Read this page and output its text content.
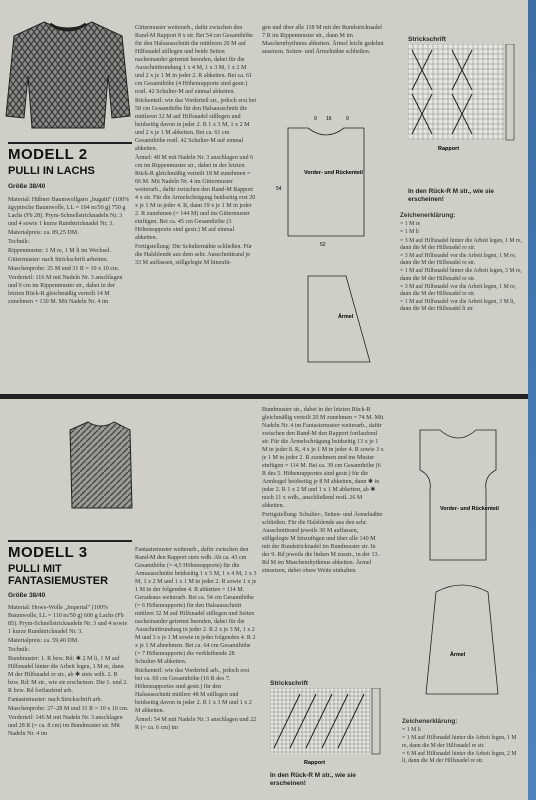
MODELL 2
PULLI IN LACHS
Größe 38/40

Material: Hübner Baumwollgarn „bugatti" (100% ägyptische Baumwolle, LL = 104 m/50 g) 750 g Lachs (Fb 28). Prym-Schnellstricknadeln Nr. 3 und 4 sowie 1 kurze Rundstricknadel Nr. 3.

Materialpreis: ca. 89,25 DM.

Technik:

Rippenmuster: 1 M re, 1 M li im Wechsel.

Gittermuster: nach Strickschrift arbeiten.

Maschenprobe: 25 M und 31 R = 10 x 10 cm.

Vorderteil: 116 M mit Nadeln Nr. 3 anschlagen und 9 cm im Rippenmuster str., dabei in der letzten Rück-R gleichmäßig verteilt 14 M zunehmen = 130 M. Mit Nadeln Nr. 4 im

Gittermuster weiterarb., dafür zwischen den Rand-M Rapport 8 x str. Bei 54 cm Gesamthöhe für den Halsausschnitt die mittleren 20 M auf Hilfsnadel stillegen und beide Seiten nacheinander getrennt beenden, dabei für die Ausschnittrundung 1 x 4 M, 1 x 3 M, 1 x 2 M und 2 x je 1 M in jeder 2. R abketten. Bei ca. 61 cm Gesamthöhe (4 Höhenrapporte sind gestr.) restl. 42 Schulter-M auf einmal abketten.

Rückenteil: wie das Vorderteil str., jedoch erst bei 58 cm Gesamthöhe für den Halsausschnitt die mittleren 32 M auf Hilfsnadel stillegen und beidseitig davon in jeder 2. R 1 x 3 M, 1 x 2 M und 2 x je 1 M abketten. Bei ca. 61 cm Gesamthöhe restl. 42 Schulter-M auf einmal abketten.

Ärmel: 48 M mit Nadeln Nr. 3 anschlagen und 6 cm im Rippenmuster str., dabei in der letzten Rück-R gleichmäßig verteilt 18 M zunehmen = 66 M. Mit Nadeln Nr. 4 im Gittermuster weiterarb., dafür zwischen den Rand-M Rapport 4 x str. Für die Armelschrägung beidseitig erst 20 x je 1 M in jeder 4. R, dann 19 x je 1 M in jeder 2. R zunehmen (= 144 M) und ins Gittermuster einfügen. Bei ca. 45 cm Gesamthöhe (3 Höhenrapporte sind gestr.) M auf einmal abketten.

Fertigstellung: Die Schulternähte schließen. Für die Halsblende aus dem sehr. Ausschnittrand je 33 M auffassen, stillgelegte M hinzufü-

gen und über alle 118 M mit der Rundstricknadel 7 R im Rippenmuster str., dann M im Maschenrhythmus abketten. Ärmel leicht gedehnt ansetzen. Seiten- und Ärmelnähte schließen.

9 16	9
54
52
Vorder- und Rückenteil
Ärmel
Strickschrift
Rapport
In den Rück-R M str., wie sie erscheinen!
Zeichenerklärung:
= 1 M re
= 1 M li
= 3 M auf Hilfsnadel hinter die Arbeit legen, 1 M re, dann die M der Hilfsnadel re str.
= 3 M auf Hilfsnadel vor die Arbeit legen, 1 M re, dann die M der Hilfsnadel re str.
= 1 M auf Hilfsnadel hinter die Arbeit legen, 3 M re, dann die M der Hilfsnadel re str.
= 3 M auf Hilfsnadel vor die Arbeit legen, 1 M re, dann die M der Hilfsnadel re str.
= 1 M auf Hilfsnadel vor die Arbeit legen, 3 M li, dann die M der Hilfsnadel li str.
MODELL 3
PULLI MIT FANTASIEMUSTER
Größe 38/40

Material: Howe-Wolle „Imperial" (100% Baumwolle, LL = 110 m/50 g) 600 g Lachs (Fb 85). Prym-Schnellstricknadeln Nr. 3 und 4 sowie 1 kurze Rundstricknadel Nr. 3.

Materialpreis: ca. 59,40 DM.

Technik:

Bundmuster: 1. R bzw. Rd: ✱ 2 M li, 1 M auf Hilfsnadel hinter die Arbeit legen, 1 M re, dann M der Hilfsnadel re str., ab ✱ stets wdh. 2. R bzw. Rd: M str., wie sie erscheinen. Die 1. und 2. R bzw. Rd fortlaufend arb.

Fantasiemuster: nach Strickschrift arb.

Maschenprobe: 27–28 M und 31 R = 10 x 10 cm.

Vorderteil: 146 M mit Nadeln Nr. 3 anschlagen und 28 R (= ca. 8 cm) im Bundmuster str. Mit Nadeln Nr. 4 im

Fantasiemuster weiterarb., dafür zwischen den Rand-M den Rapport stets wdh. Ab ca. 43 cm Gesamthöhe (= 4,5 Höhenrapporte) für die Armausschnitte beidseitig 1 x 5 M, 1 x 4 M, 1 x 3 M, 1 x 2 M und 1 x 1 M in jeder 2. R sowie 1 x je 1 M in der folgenden 4. R abketten = 114 M. Geradeaus weiterarb. Bei ca. 54 cm Gesamthöhe (= 6 Höhenrapporte) für den Halsausschnitt mittlere 32 M auf Hilfsnadel stillegen und Seiten nacheinander getrennt beenden, dabei für die Ausschnittrundung in jeder 2. R 2 x je 3 M, 1 x 2 M und 3 x je 1 M sowie in jeder folgenden 4. R 2 x je 1 M abnehmen. Bei ca. 64 cm Gesamthöhe (= 7 Höhenrapporte) die verbleibende 28 Schulter-M abketten.

Rückenteil: wie das Vorderteil arb., jedoch erst bei ca. 60 cm Gesamthöhe (16 R des 7. Höhenrapportes sind gestr.) für den Halsausschnitt mittlere 48 M stillegen und beidseitig davon in jeder 2. R 1 x 3 M und 1 x 2 M abketten.

Ärmel: 54 M mit Nadeln Nr. 3 anschlagen und 22 R (= ca. 6 cm) im

Bundmuster str., dabei in der letzten Rück-R gleichmäßig verteilt 20 M zunehmen = 74 M. Mit Nadeln Nr. 4 im Fantasiemuster weiterarb., dafür zwischen den Rand-M den Rapport fortlaufend str. Für die Ärmelschrägung beidseitig 13 x je 1 M in jeder 8. R, 4 x je 1 M in jeder 4. R sowie 3 x je 1 M in jeder 2. R zunehmen und ins Muster einfügen = 114 M. Bei ca. 39 cm Gesamthöhe (6 R des 5. Höhenrapportes sind gestr.) für die Armkugel beidseitig je 8 M abketten, dann ✱ in jeder 2. R 1 x 2 M und 1 x 1 M abketten, ab ✱ noch 11 x wdh., anschließend restl. 26 M abketten.

Fertigstellung: Schulter-, Seiten- und Ärmelnähte schließen. Für die Halsblende aus den sehr. Ausschnittrand jeweils 30 M auffassen, stillgelegte M hinzufügen und über alle 140 M mit der Rundstricknadel im Bundmuster str. In der 9. Rd jeweils die linken M zusstr., in der 13. Rd M im Maschenrhythmus abketten. Ärmel einsetzen, dabei obere Weite einhalten.

Vorder- und Rückenteil
Ärmel
Strickschrift
Rapport
In den Rück-R M str., wie sie erscheinen!
Zeichenerklärung:
= 1 M li
= 1 M auf Hilfsnadel hinter die Arbeit legen, 1 M re, dann die M der Hilfsnadel re str.
= 6 M auf Hilfsnadel hinter die Arbeit legen, 2 M li, dann die M der Hilfsnadel re str.
